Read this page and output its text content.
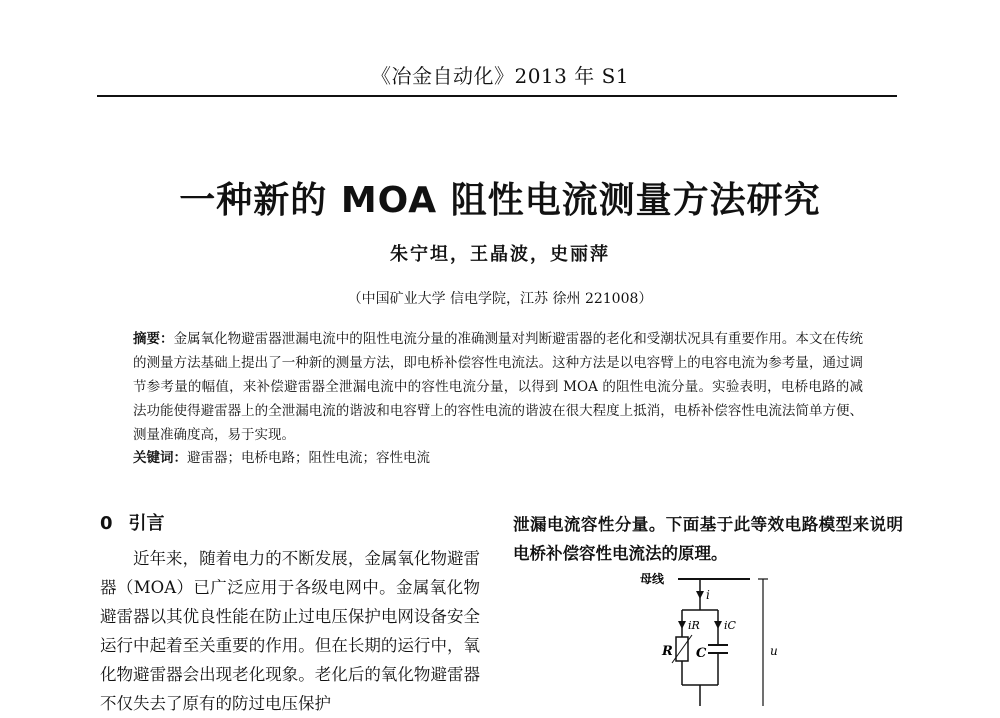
《冶金自动化》2013 年 S1
一种新的 MOA 阻性电流测量方法研究
朱宁坦，王晶波，史丽萍
（中国矿业大学 信电学院，江苏 徐州 221008）
摘要：金属氧化物避雷器泄漏电流中的阻性电流分量的准确测量对判断避雷器的老化和受潮状况具有重要作用。本文在传统的测量方法基础上提出了一种新的测量方法，即电桥补偿容性电流法。这种方法是以电容臂上的电容电流为参考量，通过调节参考量的幅值，来补偿避雷器全泄漏电流中的容性电流分量，以得到 MOA 的阻性电流分量。实验表明，电桥电路的减法功能使得避雷器上的全泄漏电流的谐波和电容臂上的容性电流的谐波在很大程度上抵消，电桥补偿容性电流法简单方便、测量准确度高，易于实现。
关键词：避雷器；电桥电路；阻性电流；容性电流
0 引言

近年来，随着电力的不断发展，金属氧化物避雷器（MOA）已广泛应用于各级电网中。金属氧化物避雷器以其优良性能在防止过电压保护电网设备安全运行中起着至关重要的作用。但在长期的运行中，氧化物避雷器会出现老化现象。老化后的氧化物避雷器不仅失去了原有的防过电压保护

泄漏电流容性分量。下面基于此等效电路模型来说明电桥补偿容性电流法的原理。

母线
i
iR iC
R C	u
